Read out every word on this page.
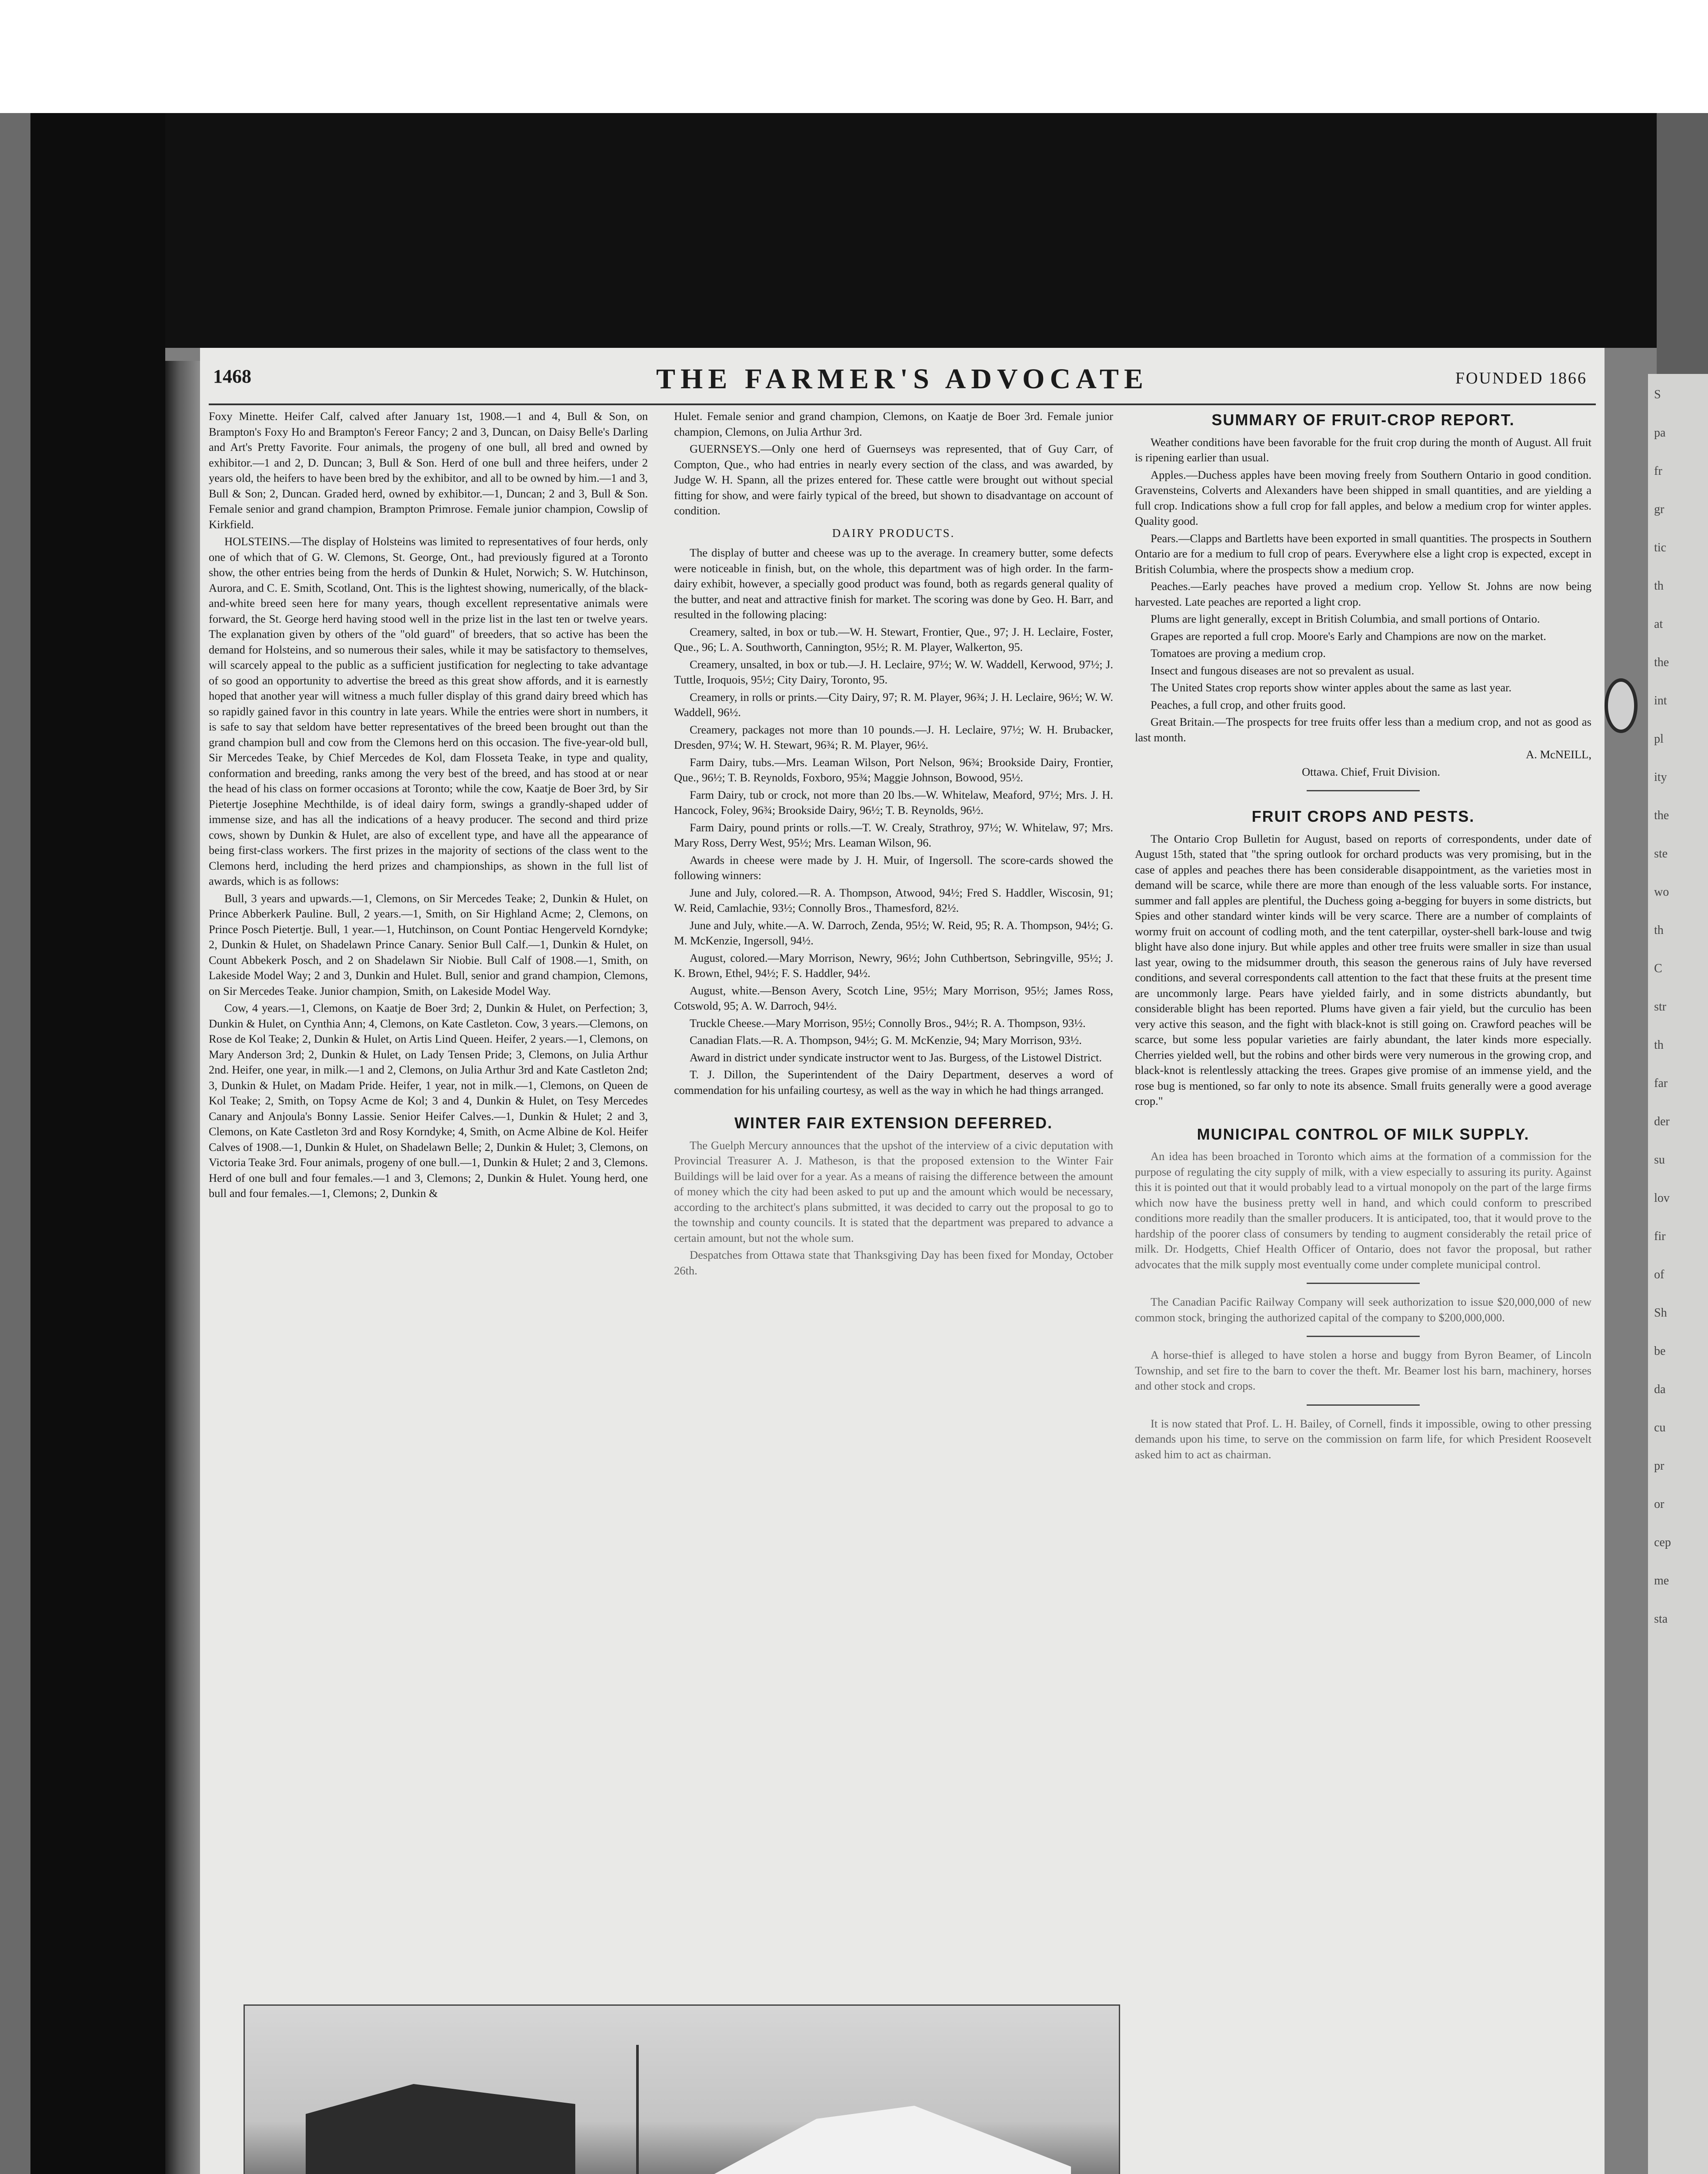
S
pa
fr
gr
tic
th
at
the
int
pl
ity
the
ste
wo
th
C
str
th
far
der
su
lov
fir
of
Sh
be
da
cu
pr
or
cep
me
sta
1468	THE FARMER'S ADVOCATE	FOUNDED 1866

Foxy Minette. Heifer Calf, calved after January 1st, 1908.—1 and 4, Bull & Son, on Brampton's Foxy Ho and Brampton's Fereor Fancy; 2 and 3, Duncan, on Daisy Belle's Darling and Art's Pretty Favorite. Four animals, the progeny of one bull, all bred and owned by exhibitor.—1 and 2, D. Duncan; 3, Bull & Son. Herd of one bull and three heifers, under 2 years old, the heifers to have been bred by the exhibitor, and all to be owned by him.—1 and 3, Bull & Son; 2, Duncan. Graded herd, owned by exhibitor.—1, Duncan; 2 and 3, Bull & Son. Female senior and grand champion, Brampton Primrose. Female junior champion, Cowslip of Kirkfield.

HOLSTEINS.—The display of Holsteins was limited to representatives of four herds, only one of which that of G. W. Clemons, St. George, Ont., had previously figured at a Toronto show, the other entries being from the herds of Dunkin & Hulet, Norwich; S. W. Hutchinson, Aurora, and C. E. Smith, Scotland, Ont. This is the lightest showing, numerically, of the black-and-white breed seen here for many years, though excellent representative animals were forward, the St. George herd having stood well in the prize list in the last ten or twelve years. The explanation given by others of the "old guard" of breeders, that so active has been the demand for Holsteins, and so numerous their sales, while it may be satisfactory to themselves, will scarcely appeal to the public as a sufficient justification for neglecting to take advantage of so good an opportunity to advertise the breed as this great show affords, and it is earnestly hoped that another year will witness a much fuller display of this grand dairy breed which has so rapidly gained favor in this country in late years. While the entries were short in numbers, it is safe to say that seldom have better representatives of the breed been brought out than the grand champion bull and cow from the Clemons herd on this occasion. The five-year-old bull, Sir Mercedes Teake, by Chief Mercedes de Kol, dam Flosseta Teake, in type and quality, conformation and breeding, ranks among the very best of the breed, and has stood at or near the head of his class on former occasions at Toronto; while the cow, Kaatje de Boer 3rd, by Sir Pietertje Josephine Mechthilde, is of ideal dairy form, swings a grandly-shaped udder of immense size, and has all the indications of a heavy producer. The second and third prize cows, shown by Dunkin & Hulet, are also of excellent type, and have all the appearance of being first-class workers. The first prizes in the majority of sections of the class went to the Clemons herd, including the herd prizes and championships, as shown in the full list of awards, which is as follows:

Bull, 3 years and upwards.—1, Clemons, on Sir Mercedes Teake; 2, Dunkin & Hulet, on Prince Abberkerk Pauline. Bull, 2 years.—1, Smith, on Sir Highland Acme; 2, Clemons, on Prince Posch Pietertje. Bull, 1 year.—1, Hutchinson, on Count Pontiac Hengerveld Korndyke; 2, Dunkin & Hulet, on Shadelawn Prince Canary. Senior Bull Calf.—1, Dunkin & Hulet, on Count Abbekerk Posch, and 2 on Shadelawn Sir Niobie. Bull Calf of 1908.—1, Smith, on Lakeside Model Way; 2 and 3, Dunkin and Hulet. Bull, senior and grand champion, Clemons, on Sir Mercedes Teake. Junior champion, Smith, on Lakeside Model Way.

Cow, 4 years.—1, Clemons, on Kaatje de Boer 3rd; 2, Dunkin & Hulet, on Perfection; 3, Dunkin & Hulet, on Cynthia Ann; 4, Clemons, on Kate Castleton. Cow, 3 years.—Clemons, on Rose de Kol Teake; 2, Dunkin & Hulet, on Artis Lind Queen. Heifer, 2 years.—1, Clemons, on Mary Anderson 3rd; 2, Dunkin & Hulet, on Lady Tensen Pride; 3, Clemons, on Julia Arthur 2nd. Heifer, one year, in milk.—1 and 2, Clemons, on Julia Arthur 3rd and Kate Castleton 2nd; 3, Dunkin & Hulet, on Madam Pride. Heifer, 1 year, not in milk.—1, Clemons, on Queen de Kol Teake; 2, Smith, on Topsy Acme de Kol; 3 and 4, Dunkin & Hulet, on Tesy Mercedes Canary and Anjoula's Bonny Lassie. Senior Heifer Calves.—1, Dunkin & Hulet; 2 and 3, Clemons, on Kate Castleton 3rd and Rosy Korndyke; 4, Smith, on Acme Albine de Kol. Heifer Calves of 1908.—1, Dunkin & Hulet, on Shadelawn Belle; 2, Dunkin & Hulet; 3, Clemons, on Victoria Teake 3rd. Four animals, progeny of one bull.—1, Dunkin & Hulet; 2 and 3, Clemons. Herd of one bull and four females.—1 and 3, Clemons; 2, Dunkin & Hulet. Young herd, one bull and four females.—1, Clemons; 2, Dunkin &

Hulet. Female senior and grand champion, Clemons, on Kaatje de Boer 3rd. Female junior champion, Clemons, on Julia Arthur 3rd.

GUERNSEYS.—Only one herd of Guernseys was represented, that of Guy Carr, of Compton, Que., who had entries in nearly every section of the class, and was awarded, by Judge W. H. Spann, all the prizes entered for. These cattle were brought out without special fitting for show, and were fairly typical of the breed, but shown to disadvantage on account of condition.

DAIRY PRODUCTS.

The display of butter and cheese was up to the average. In creamery butter, some defects were noticeable in finish, but, on the whole, this department was of high order. In the farm-dairy exhibit, however, a specially good product was found, both as regards general quality of the butter, and neat and attractive finish for market. The scoring was done by Geo. H. Barr, and resulted in the following placing:

Creamery, salted, in box or tub.—W. H. Stewart, Frontier, Que., 97; J. H. Leclaire, Foster, Que., 96; L. A. Southworth, Cannington, 95½; R. M. Player, Walkerton, 95.

Creamery, unsalted, in box or tub.—J. H. Leclaire, 97½; W. W. Waddell, Kerwood, 97½; J. Tuttle, Iroquois, 95½; City Dairy, Toronto, 95.

Creamery, in rolls or prints.—City Dairy, 97; R. M. Player, 96¾; J. H. Leclaire, 96½; W. W. Waddell, 96½.

Creamery, packages not more than 10 pounds.—J. H. Leclaire, 97½; W. H. Brubacker, Dresden, 97¼; W. H. Stewart, 96¾; R. M. Player, 96½.

Farm Dairy, tubs.—Mrs. Leaman Wilson, Port Nelson, 96¾; Brookside Dairy, Frontier, Que., 96½; T. B. Reynolds, Foxboro, 95¾; Maggie Johnson, Bowood, 95½.

Farm Dairy, tub or crock, not more than 20 lbs.—W. Whitelaw, Meaford, 97½; Mrs. J. H. Hancock, Foley, 96¾; Brookside Dairy, 96½; T. B. Reynolds, 96½.

Farm Dairy, pound prints or rolls.—T. W. Crealy, Strathroy, 97½; W. Whitelaw, 97; Mrs. Mary Ross, Derry West, 95½; Mrs. Leaman Wilson, 96.

Awards in cheese were made by J. H. Muir, of Ingersoll. The score-cards showed the following winners:

June and July, colored.—R. A. Thompson, Atwood, 94½; Fred S. Haddler, Wiscosin, 91; W. Reid, Camlachie, 93½; Connolly Bros., Thamesford, 82½.

June and July, white.—A. W. Darroch, Zenda, 95½; W. Reid, 95; R. A. Thompson, 94½; G. M. McKenzie, Ingersoll, 94½.

August, colored.—Mary Morrison, Newry, 96½; John Cuthbertson, Sebringville, 95½; J. K. Brown, Ethel, 94½; F. S. Haddler, 94½.

August, white.—Benson Avery, Scotch Line, 95½; Mary Morrison, 95½; James Ross, Cotswold, 95; A. W. Darroch, 94½.

Truckle Cheese.—Mary Morrison, 95½; Connolly Bros., 94½; R. A. Thompson, 93½.

Canadian Flats.—R. A. Thompson, 94½; G. M. McKenzie, 94; Mary Morrison, 93½.

Award in district under syndicate instructor went to Jas. Burgess, of the Listowel District.

T. J. Dillon, the Superintendent of the Dairy Department, deserves a word of commendation for his unfailing courtesy, as well as the way in which he had things arranged.

WINTER FAIR EXTENSION DEFERRED.

The Guelph Mercury announces that the upshot of the interview of a civic deputation with Provincial Treasurer A. J. Matheson, is that the proposed extension to the Winter Fair Buildings will be laid over for a year. As a means of raising the difference between the amount of money which the city had been asked to put up and the amount which would be necessary, according to the architect's plans submitted, it was decided to carry out the proposal to go to the township and county councils. It is stated that the department was prepared to advance a certain amount, but not the whole sum.

Despatches from Ottawa state that Thanksgiving Day has been fixed for Monday, October 26th.

SUMMARY OF FRUIT-CROP REPORT.

Weather conditions have been favorable for the fruit crop during the month of August. All fruit is ripening earlier than usual.

Apples.—Duchess apples have been moving freely from Southern Ontario in good condition. Gravensteins, Colverts and Alexanders have been shipped in small quantities, and are yielding a full crop. Indications show a full crop for fall apples, and below a medium crop for winter apples. Quality good.

Pears.—Clapps and Bartletts have been exported in small quantities. The prospects in Southern Ontario are for a medium to full crop of pears. Everywhere else a light crop is expected, except in British Columbia, where the prospects show a medium crop.

Peaches.—Early peaches have proved a medium crop. Yellow St. Johns are now being harvested. Late peaches are reported a light crop.

Plums are light generally, except in British Columbia, and small portions of Ontario.

Grapes are reported a full crop. Moore's Early and Champions are now on the market.

Tomatoes are proving a medium crop.

Insect and fungous diseases are not so prevalent as usual.

The United States crop reports show winter apples about the same as last year.

Peaches, a full crop, and other fruits good.

Great Britain.—The prospects for tree fruits offer less than a medium crop, and not as good as last month.

A. McNEILL,

Ottawa. Chief, Fruit Division.

FRUIT CROPS AND PESTS.

The Ontario Crop Bulletin for August, based on reports of correspondents, under date of August 15th, stated that "the spring outlook for orchard products was very promising, but in the case of apples and peaches there has been considerable disappointment, as the varieties most in demand will be scarce, while there are more than enough of the less valuable sorts. For instance, summer and fall apples are plentiful, the Duchess going a-begging for buyers in some districts, but Spies and other standard winter kinds will be very scarce. There are a number of complaints of wormy fruit on account of codling moth, and the tent caterpillar, oyster-shell bark-louse and twig blight have also done injury. But while apples and other tree fruits were smaller in size than usual last year, owing to the midsummer drouth, this season the generous rains of July have reversed conditions, and several correspondents call attention to the fact that these fruits at the present time are uncommonly large. Pears have yielded fairly, and in some districts abundantly, but considerable blight has been reported. Plums have given a fair yield, but the curculio has been very active this season, and the fight with black-knot is still going on. Crawford peaches will be scarce, but some less popular varieties are fairly abundant, the later kinds more especially. Cherries yielded well, but the robins and other birds were very numerous in the growing crop, and black-knot is relentlessly attacking the trees. Grapes give promise of an immense yield, and the rose bug is mentioned, so far only to note its absence. Small fruits generally were a good average crop."

MUNICIPAL CONTROL OF MILK SUPPLY.

An idea has been broached in Toronto which aims at the formation of a commission for the purpose of regulating the city supply of milk, with a view especially to assuring its purity. Against this it is pointed out that it would probably lead to a virtual monopoly on the part of the large firms which now have the business pretty well in hand, and which could conform to prescribed conditions more readily than the smaller producers. It is anticipated, too, that it would prove to the hardship of the poorer class of consumers by tending to augment considerably the retail price of milk. Dr. Hodgetts, Chief Health Officer of Ontario, does not favor the proposal, but rather advocates that the milk supply most eventually come under complete municipal control.

The Canadian Pacific Railway Company will seek authorization to issue $20,000,000 of new common stock, bringing the authorized capital of the company to $200,000,000.

A horse-thief is alleged to have stolen a horse and buggy from Byron Beamer, of Lincoln Township, and set fire to the barn to cover the theft. Mr. Beamer lost his barn, machinery, horses and other stock and crops.

It is now stated that Prof. L. H. Bailey, of Cornell, finds it impossible, owing to other pressing demands upon his time, to serve on the commission on farm life, for which President Roosevelt asked him to act as chairman.
